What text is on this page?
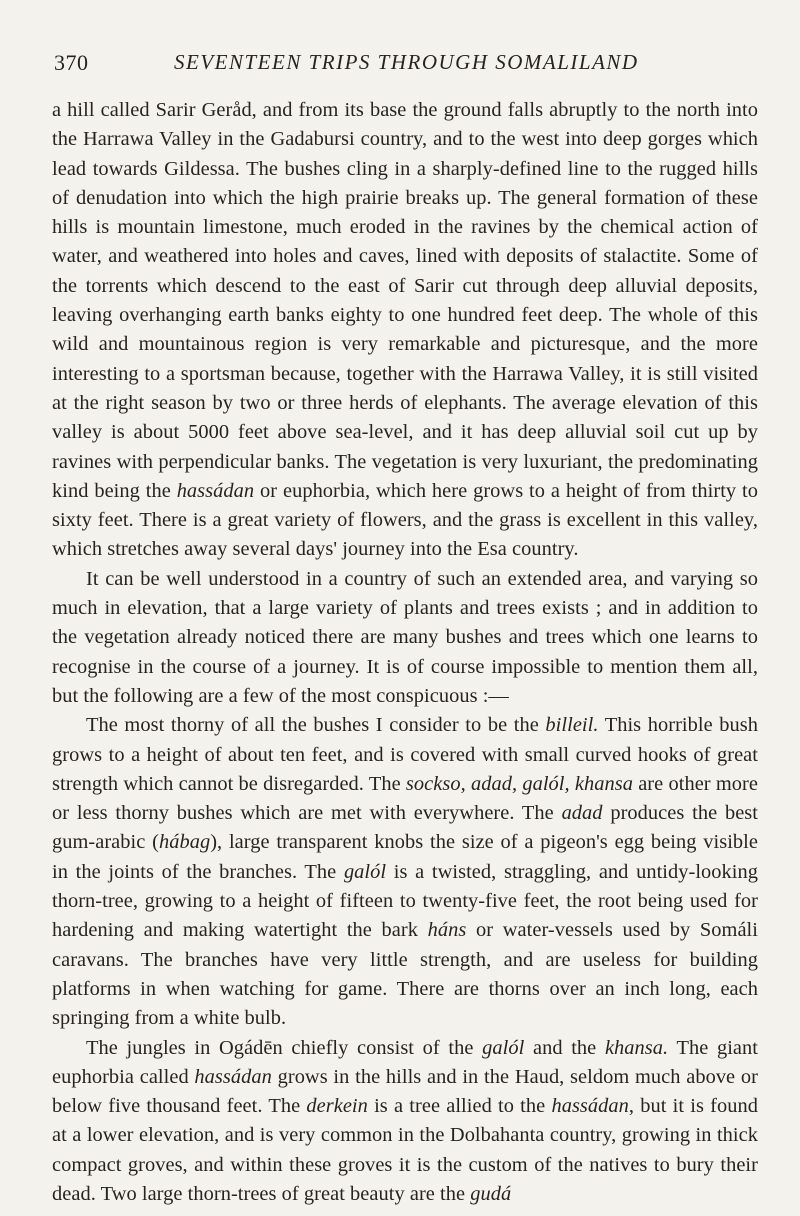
370	SEVENTEEN TRIPS THROUGH SOMALILAND

a hill called Sarir Geråd, and from its base the ground falls abruptly to the north into the Harrawa Valley in the Gadabursi country, and to the west into deep gorges which lead towards Gildessa. The bushes cling in a sharply-defined line to the rugged hills of denudation into which the high prairie breaks up. The general formation of these hills is mountain limestone, much eroded in the ravines by the chemical action of water, and weathered into holes and caves, lined with deposits of stalactite. Some of the torrents which descend to the east of Sarir cut through deep alluvial deposits, leaving overhanging earth banks eighty to one hundred feet deep. The whole of this wild and mountainous region is very remarkable and picturesque, and the more interesting to a sportsman because, together with the Harrawa Valley, it is still visited at the right season by two or three herds of elephants. The average elevation of this valley is about 5000 feet above sea-level, and it has deep alluvial soil cut up by ravines with perpendicular banks. The vegetation is very luxuriant, the predominating kind being the hassádan or euphorbia, which here grows to a height of from thirty to sixty feet. There is a great variety of flowers, and the grass is excellent in this valley, which stretches away several days' journey into the Esa country.

It can be well understood in a country of such an extended area, and varying so much in elevation, that a large variety of plants and trees exists ; and in addition to the vegetation already noticed there are many bushes and trees which one learns to recognise in the course of a journey. It is of course impossible to mention them all, but the following are a few of the most conspicuous :—

The most thorny of all the bushes I consider to be the billeil. This horrible bush grows to a height of about ten feet, and is covered with small curved hooks of great strength which cannot be disregarded. The sockso, adad, galól, khansa are other more or less thorny bushes which are met with everywhere. The adad produces the best gum-arabic (hábag), large transparent knobs the size of a pigeon's egg being visible in the joints of the branches. The galól is a twisted, straggling, and untidy-looking thorn-tree, growing to a height of fifteen to twenty-five feet, the root being used for hardening and making watertight the bark háns or water-vessels used by Somáli caravans. The branches have very little strength, and are useless for building platforms in when watching for game. There are thorns over an inch long, each springing from a white bulb.

The jungles in Ogádēn chiefly consist of the galól and the khansa. The giant euphorbia called hassádan grows in the hills and in the Haud, seldom much above or below five thousand feet. The derkein is a tree allied to the hassádan, but it is found at a lower elevation, and is very common in the Dolbahanta country, growing in thick compact groves, and within these groves it is the custom of the natives to bury their dead. Two large thorn-trees of great beauty are the gudá
